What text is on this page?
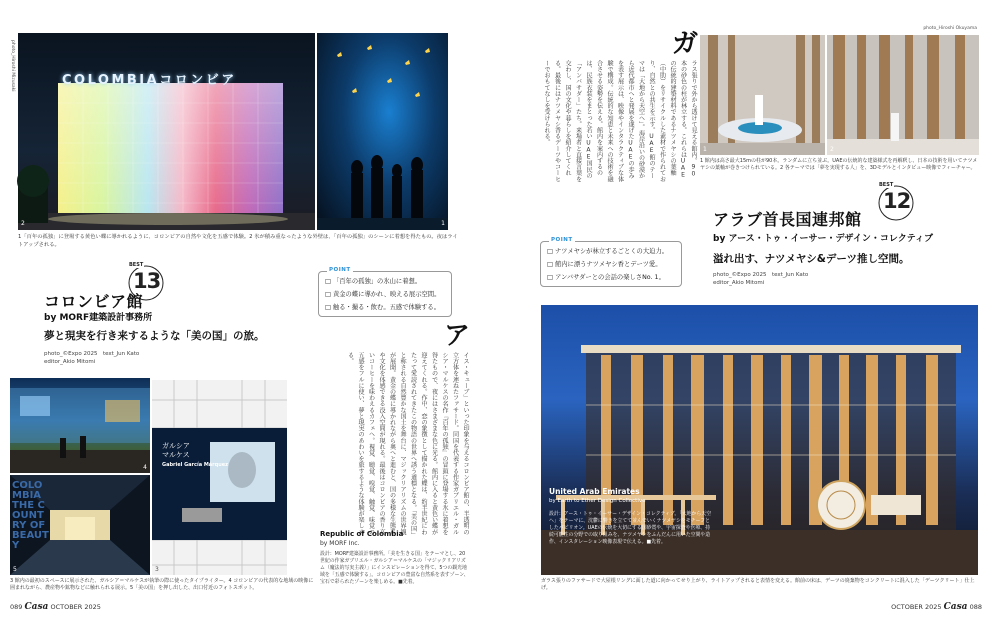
photo_Hiroshi Mizusaki	COLOMBIAコロンビア
2	1
1「百年の孤独」に登場する黄色い蝶に導かれるように、コロンビアの自然や文化を五感で体験。2 氷が積み重なったような外壁は、「百年の孤独」のシーンに着想を得たもの。夜はライトアップされる。
BEST
13
コロンビア館
by MORF建築設計事務所
夢と現実を行き来するような「美の国」の旅。
photo_©Expo 2025　text_Jun Kato
editor_Akio Mitomi
POINT
□ 「百年の孤独」の氷山に着想。
□ 黄金の蝶に導かれ、映える展示空間。
□ 触る・撮る・飲む。五感で体験する。
ア
イス・キューブ」といった印象を与えるコロンビア館の、半透明の立方体を連ねたファサード。同国を代表する作家ガブリエル・ガルシア・マルケスの名作『百年の孤独』の冒頭に登場する氷に着想を得たもので、夜にはさまざまな色に光る。館内に入ると黄色い蝶が迎えてくれる。作中、恋の象徴として描かれた蝶は、約半世紀にわたって愛読されてきたこの物語の世界へ誘う道標となる。「美の国」と称される自然豊かな国土を舞台に、マジックリアリズムの世界観が展開。黄金の蝶に導かれながら奥へと進むと、国の多様な生態系や文化を体感できる没入空間が現れる。最後はコロンビアの香り高いコーヒーを味わえるカフェへ。視覚、聴覚、嗅覚、触覚、味覚の五感をフルに使い、夢と現実のあわいを旅するような体験が楽しめる。
4
COLOMBIA THE COUNTRY OF BEAUTY
5
ガルシア
マルケス
Gabriel García Márquez
3
Republic of Colombia
by MORF Inc.
設計：MORF建築設計事務所。「美を生きる国」をテーマとし、20世紀の作家ガブリエル・ガルシア＝マルケスの「マジックリアリズム（魔法的写実主義）」にインスピレーションを得て、5つの観光地域を「五感で体験する」。コロンビアの豊富な自然系を表すゾーン、宝石で彩られたゾーンを楽しめる。■先着。
3 館内の最初のスペースに展示された、ガルシア＝マルケスが執筆の際に使ったタイプライター。4 コロンビアの代表的な地域の映像に囲まれながら、農産物や鉱物などに触れられる展示。5「美の国」を押し出した、出口付近のフォトスポット。
089 Casa OCTOBER 2025
ガ
ラス張りで外から透けて見える館内。90本の砂色の柱が林立する。これらはUAEの伝統的建築材料であるナツメヤシの葉軸（中肋）をリサイクルした素材で作られており、自然との共生を示す。UAE館のテーマは「大地から天空へ」。海岸沿いの砂漠から近代都市へと発展を遂げたUAEの歩みを表す展示は、映像やインタラクティブな体験で構成。伝統的な知恵と未来への技術を融合させる姿勢を伝える。館内を案内するのは、民族衣装をまとった若いUAE国民の「アンバサダー」たち。来場者と直接言葉を交わし、国の文化や暮らしを紹介してくれる。最後にはナツメヤシ香るデーツやコーヒーでおもてなしを受けられる。
1
photo_Hiroshi Okuyama
2
1 館内は高さ最大15mの柱が90本。ランダムに立ち並ぶ。UAEの伝統的な建築様式を再解釈し、日本の技術を用いてナツメヤシの葉軸が巻きつけられている。2 各テーマでは「夢を実現する人」を、3Dモデルとインタビュー映像でフィーチャー。
BEST
12
アラブ首長国連邦館
by アース・トゥ・イーサー・デザイン・コレクティブ
溢れ出す、ナツメヤシ&デーツ推し空間。
photo_©Expo 2025　text_Jun Kato
editor_Akio Mitomi
POINT
□ ナツメヤシが林立するごとくの大迫力。
□ 館内に漂うナツメヤシ香とデーツ愛。
□ アンバサダーとの会話の楽しさNo. 1。
United Arab Emirates
by Earth to Ether Design Collective
設計：アース・トゥ・イーサー・デザイン・コレクティブ。「大地から天空へ」をテーマに、沈鬱に響きを立てて並んでいくナツメヤシをモチーフとしたパビリオン。UAEの伝統を大切にする国砂賞や、宇宙探査や医療、持続可能性の分野での取り組みを、ナツメヤシをふんだんに用いた空間や造作、インスタレーション映像表現で伝える。■先着。
ガラス張りのファサードで大屋根リングに面した道に向かってせり上がり、ライトアップされると表情を変える。館前の床は、デーツの廃棄物をコンクリートに混入した「デーツクリート」仕上げ。
OCTOBER 2025 Casa 088
